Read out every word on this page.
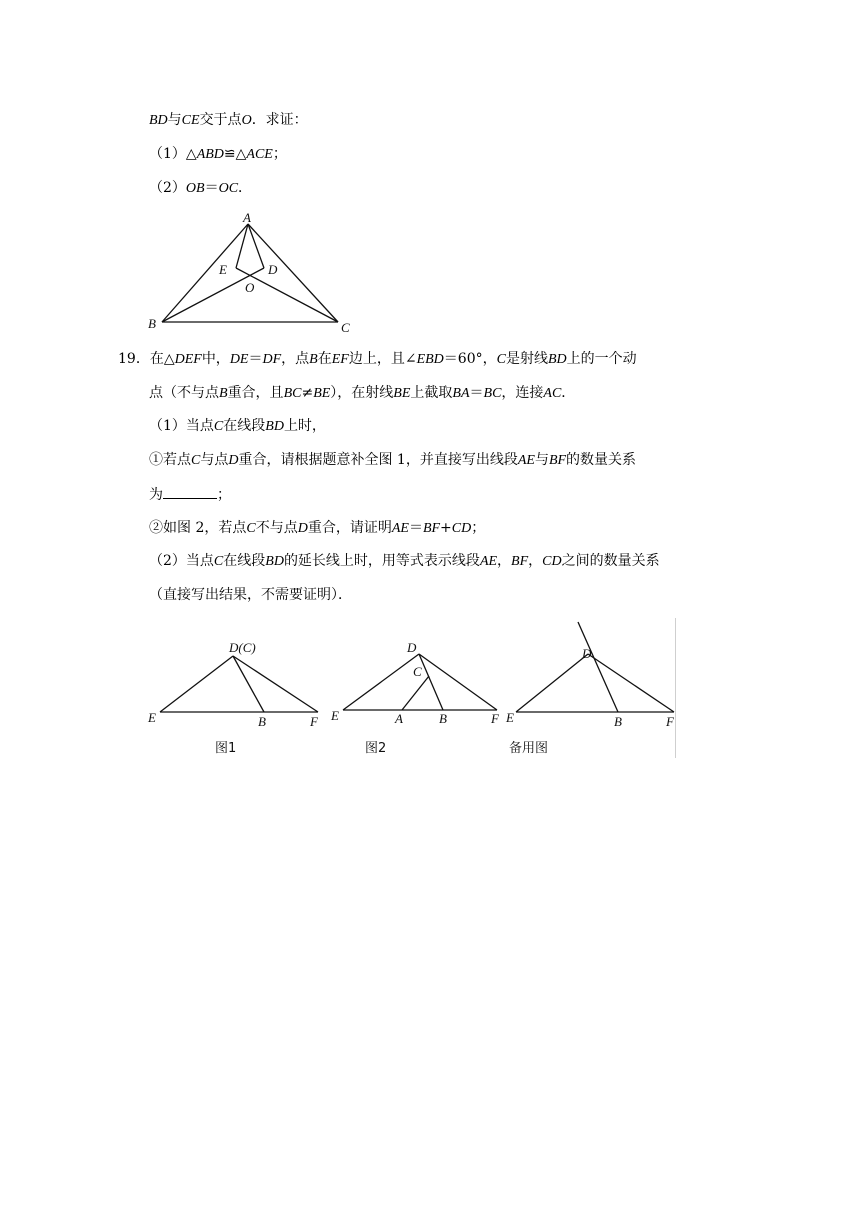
BD与CE交于点O．求证：
（1）△ABD≌△ACE；
（2）OB＝OC．
A
E	D
O
B	C
19．在△DEF中，DE＝DF，点B在EF边上，且∠EBD＝60°，C是射线BD上的一个动
点（不与点B重合，且BC≠BE），在射线BE上截取BA＝BC，连接AC．
（1）当点C在线段BD上时，
①若点C与点D重合，请根据题意补全图 1，并直接写出线段AE与BF的数量关系
为	；
②如图 2，若点C不与点D重合，请证明AE＝BF+CD；
（2）当点C在线段BD的延长线上时，用等式表示线段AE，BF，CD之间的数量关系
（直接写出结果，不需要证明）．
D(C)
E	B	F
图1
D
C
E	A	B	F
图2
D
E	B	F
备用图
